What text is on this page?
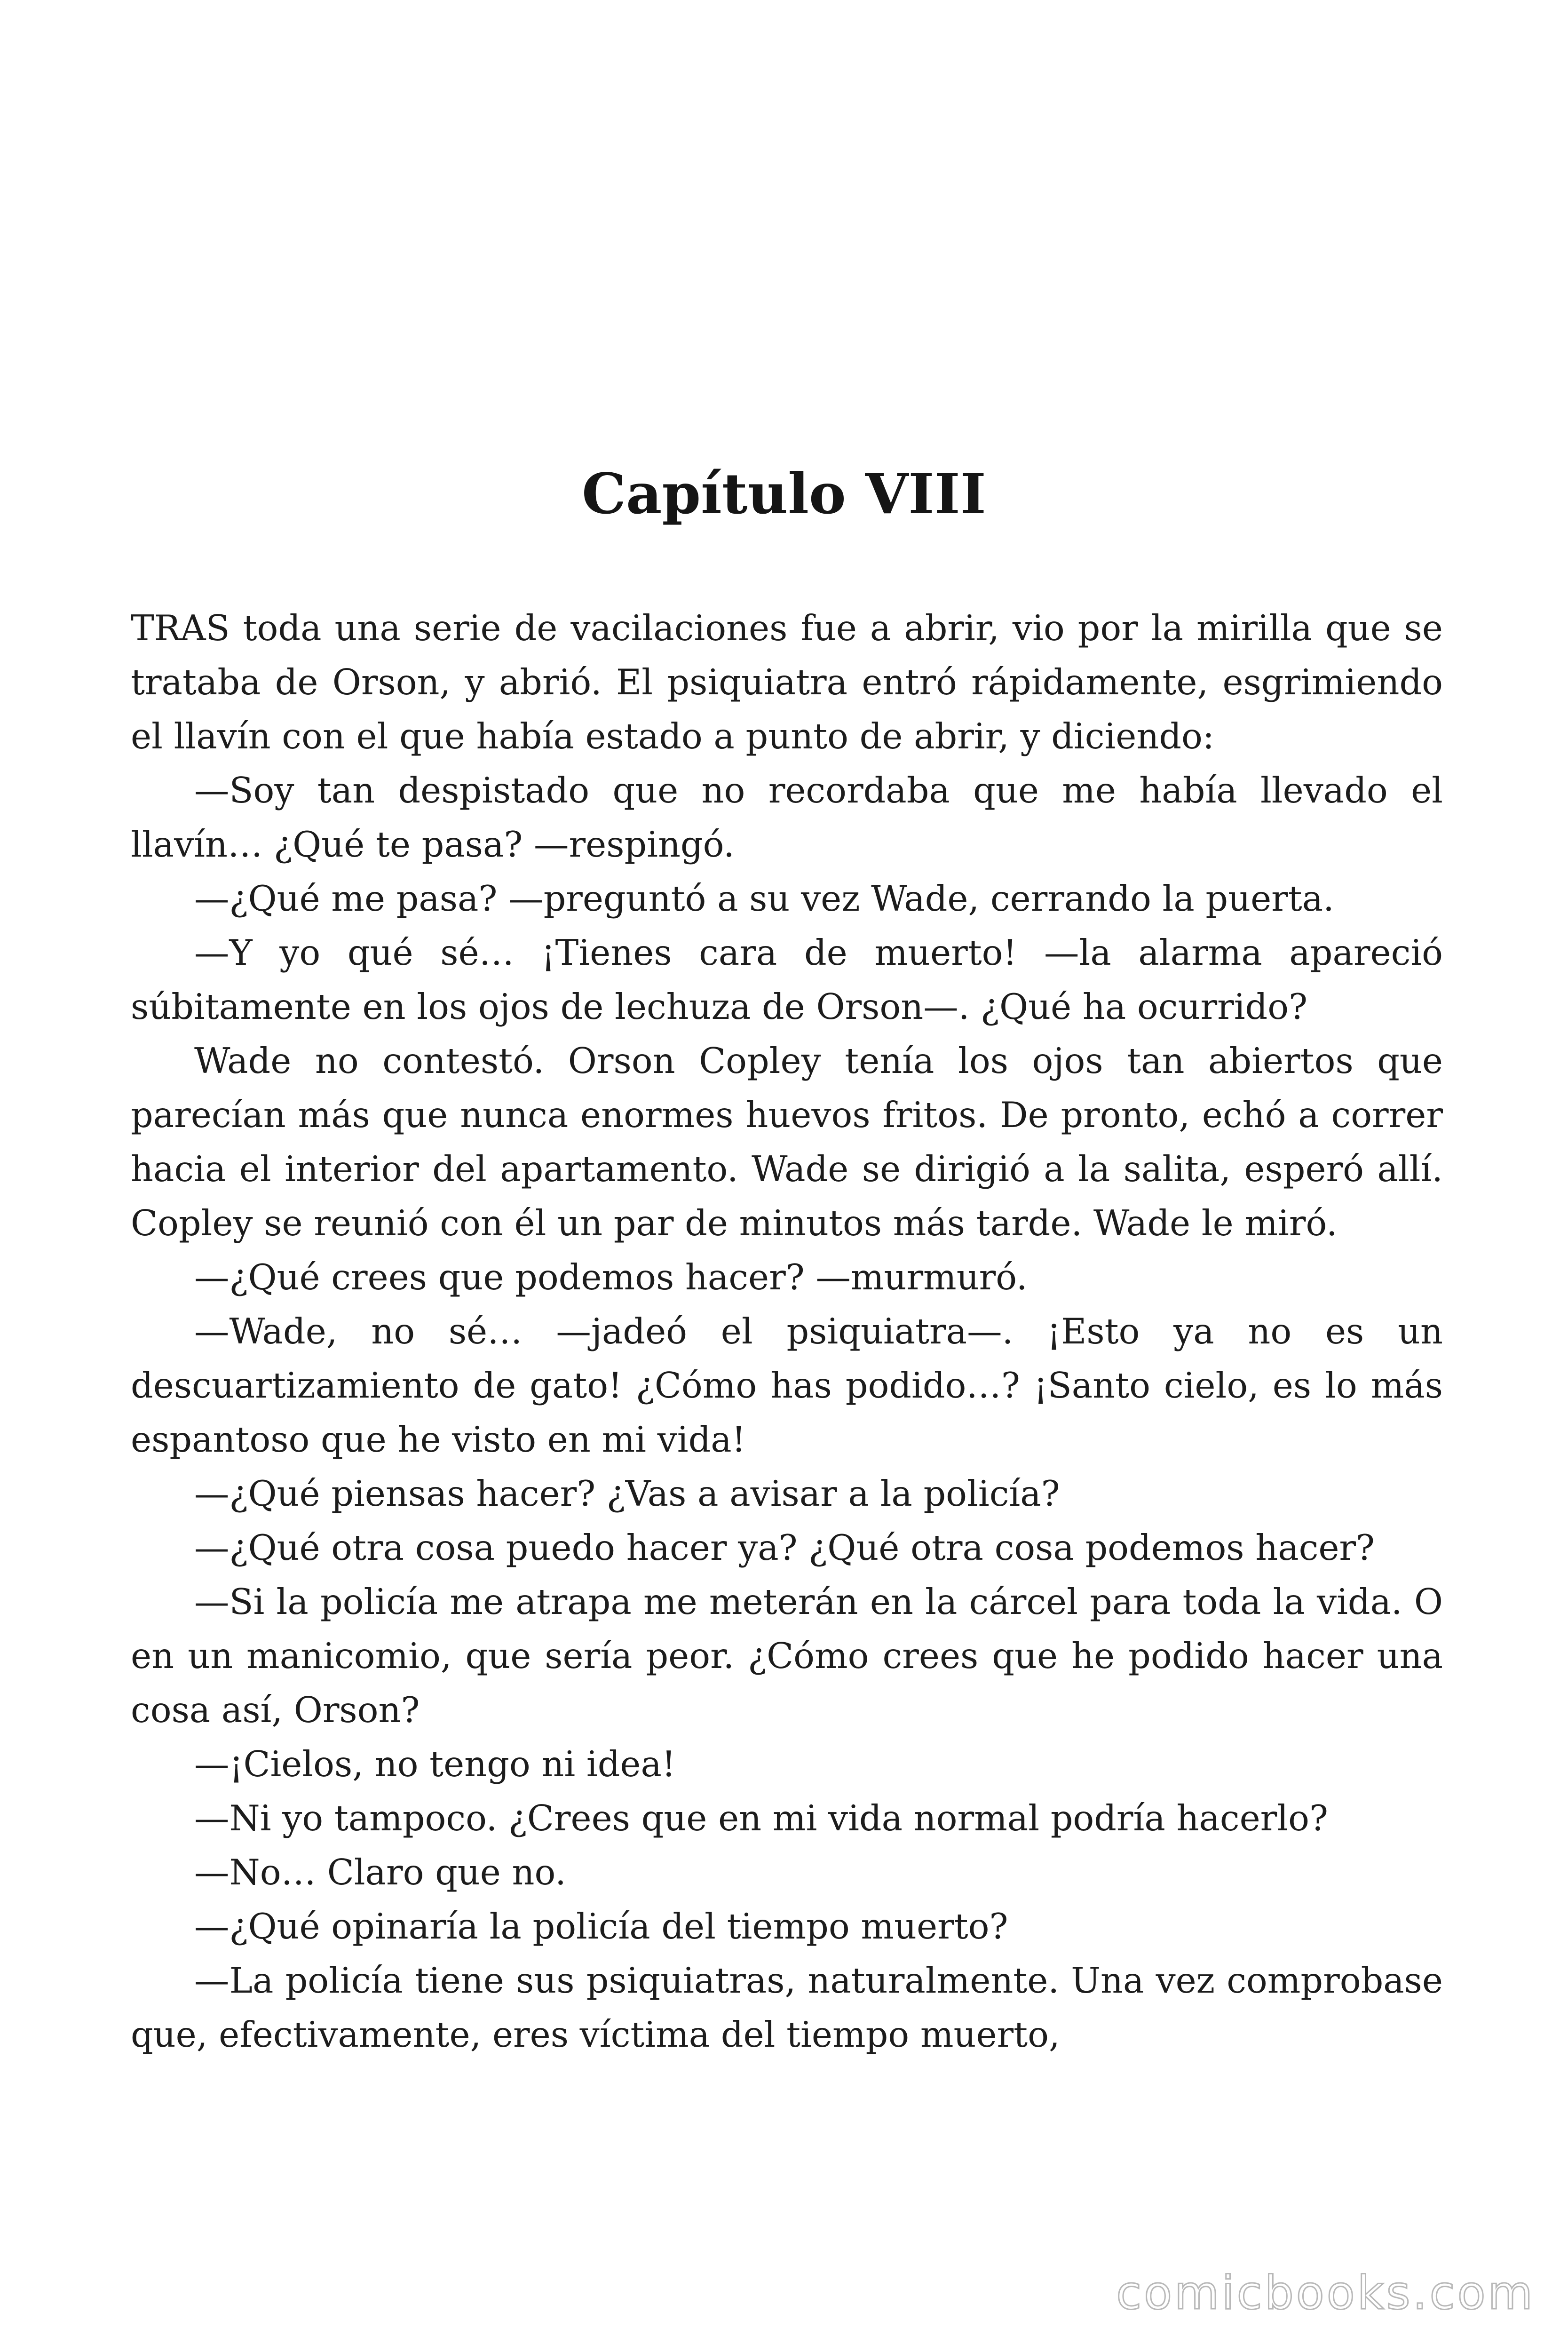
Capítulo VIII

TRAS toda una serie de vacilaciones fue a abrir, vio por la mirilla que se trataba de Orson, y abrió. El psiquiatra entró rápidamente, esgrimiendo el llavín con el que había estado a punto de abrir, y diciendo:

—Soy tan despistado que no recordaba que me había llevado el llavín… ¿Qué te pasa? —respingó.

—¿Qué me pasa? —preguntó a su vez Wade, cerrando la puerta.

—Y yo qué sé… ¡Tienes cara de muerto! —la alarma apareció súbitamente en los ojos de lechuza de Orson—. ¿Qué ha ocurrido?

Wade no contestó. Orson Copley tenía los ojos tan abiertos que parecían más que nunca enormes huevos fritos. De pronto, echó a correr hacia el interior del apartamento. Wade se dirigió a la salita, esperó allí. Copley se reunió con él un par de minutos más tarde. Wade le miró.

—¿Qué crees que podemos hacer? —murmuró.

—Wade, no sé… —jadeó el psiquiatra—. ¡Esto ya no es un descuartizamiento de gato! ¿Cómo has podido…? ¡Santo cielo, es lo más espantoso que he visto en mi vida!

—¿Qué piensas hacer? ¿Vas a avisar a la policía?

—¿Qué otra cosa puedo hacer ya? ¿Qué otra cosa podemos hacer?

—Si la policía me atrapa me meterán en la cárcel para toda la vida. O en un manicomio, que sería peor. ¿Cómo crees que he podido hacer una cosa así, Orson?

—¡Cielos, no tengo ni idea!

—Ni yo tampoco. ¿Crees que en mi vida normal podría hacerlo?

—No… Claro que no.

—¿Qué opinaría la policía del tiempo muerto?

—La policía tiene sus psiquiatras, naturalmente. Una vez comprobase que, efectivamente, eres víctima del tiempo muerto,

comicbooks.com
